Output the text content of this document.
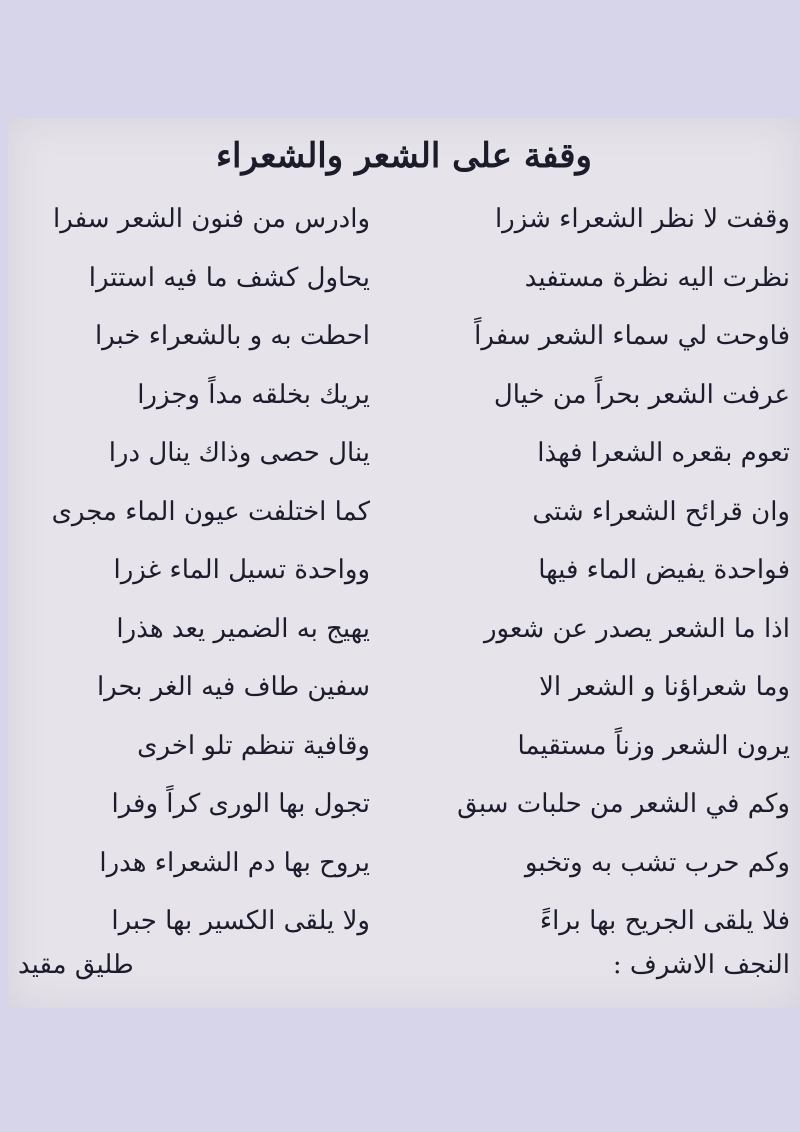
وقفة على الشعر والشعراء
وقفت لا نظر الشعراء شزرا
وادرس من فنون الشعر سفرا
نظرت اليه نظرة مستفيد
يحاول كشف ما فيه استترا
فاوحت لي سماء الشعر سفراً
احطت به و بالشعراء خبرا
عرفت الشعر بحراً من خيال
يريك بخلقه مداً وجزرا
تعوم بقعره الشعرا فهذا
ينال حصى وذاك ينال درا
وان قرائح الشعراء شتى
كما اختلفت عيون الماء مجرى
فواحدة يفيض الماء فيها
وواحدة تسيل الماء غزرا
اذا ما الشعر يصدر عن شعور
يهيج به الضمير يعد هذرا
وما شعراؤنا و الشعر الا
سفين طاف فيه الغر بحرا
يرون الشعر وزناً مستقيما
وقافية تنظم تلو اخرى
وكم في الشعر من حلبات سبق
تجول بها الورى كراً وفرا
وكم حرب تشب به وتخبو
يروح بها دم الشعراء هدرا
فلا يلقى الجريح بها براءً
ولا يلقى الكسير بها جبرا
النجف الاشرف :
طليق مقيد
